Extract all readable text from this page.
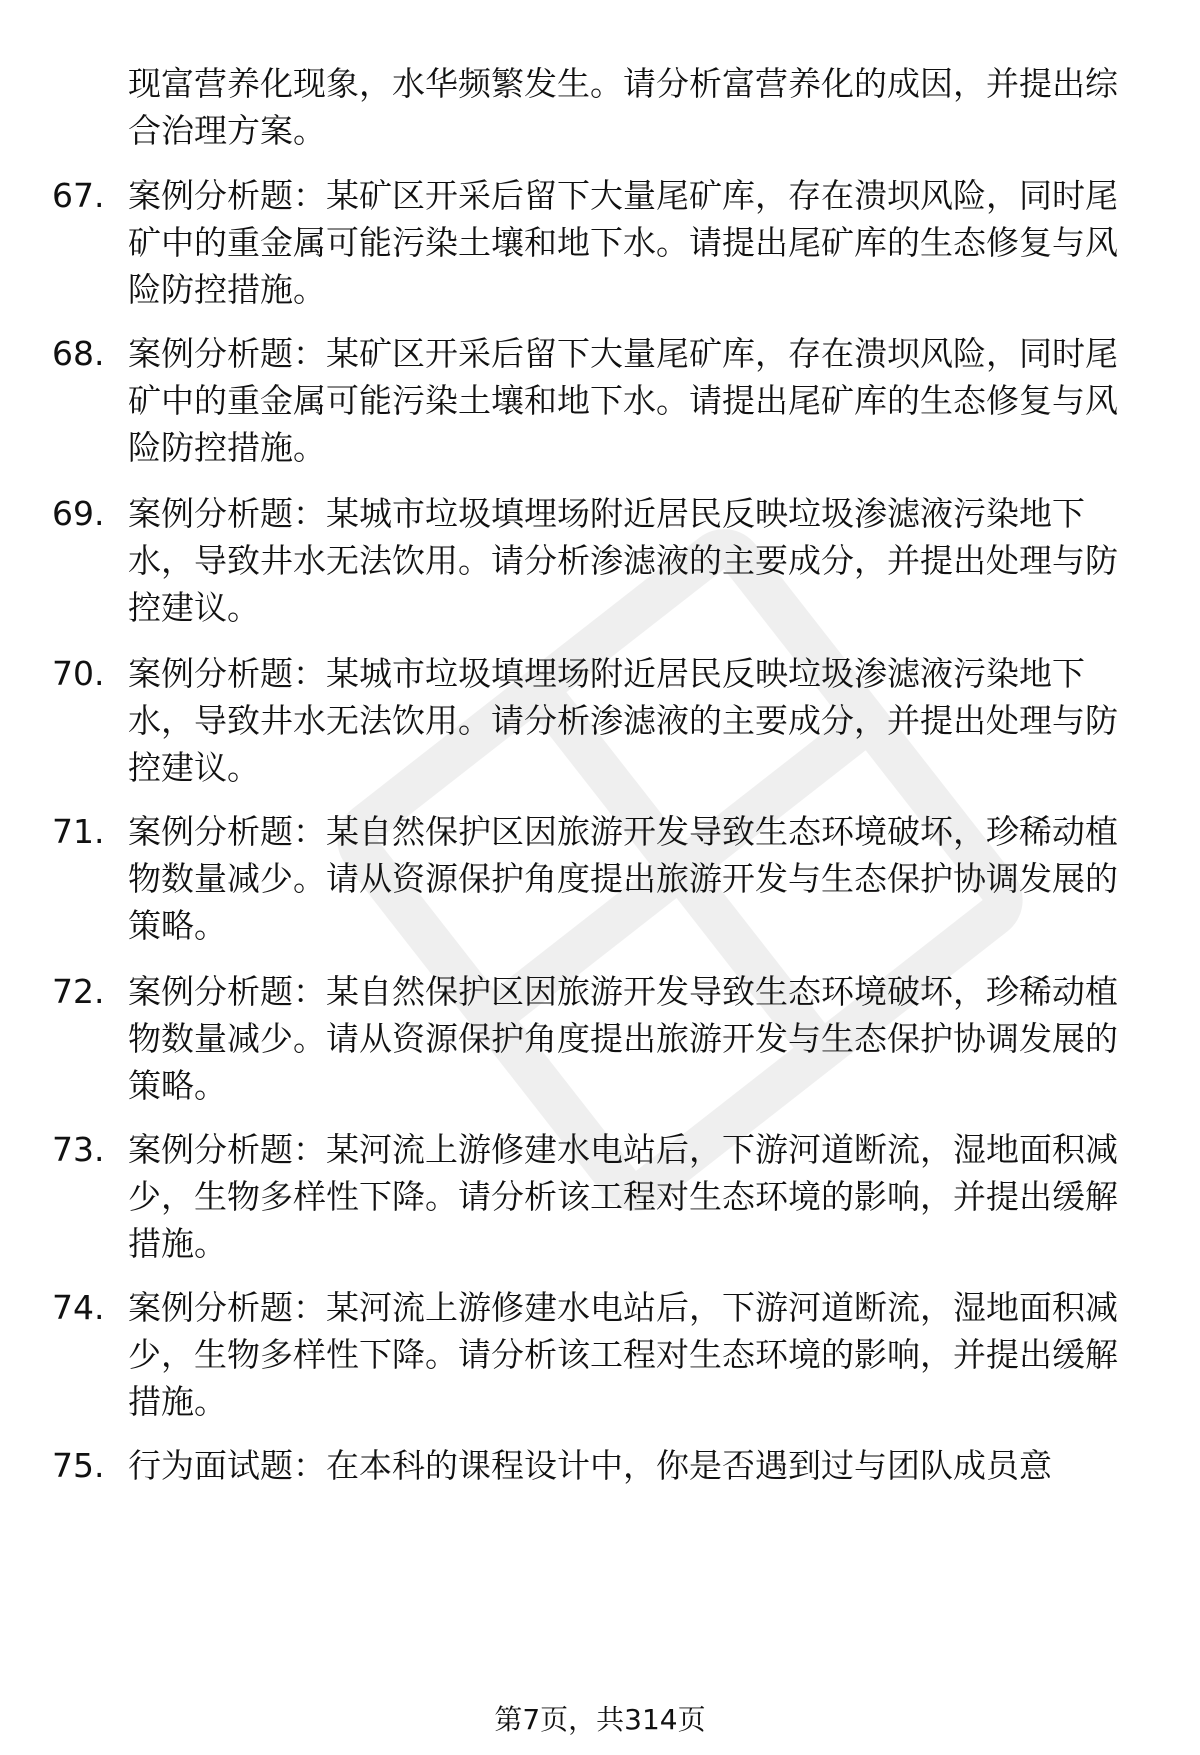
现富营养化现象，水华频繁发生。请分析富营养化的成因，并提出综合治理方案。
67. 案例分析题：某矿区开采后留下大量尾矿库，存在溃坝风险，同时尾矿中的重金属可能污染土壤和地下水。请提出尾矿库的生态修复与风险防控措施。
68. 案例分析题：某矿区开采后留下大量尾矿库，存在溃坝风险，同时尾矿中的重金属可能污染土壤和地下水。请提出尾矿库的生态修复与风险防控措施。
69. 案例分析题：某城市垃圾填埋场附近居民反映垃圾渗滤液污染地下水，导致井水无法饮用。请分析渗滤液的主要成分，并提出处理与防控建议。
70. 案例分析题：某城市垃圾填埋场附近居民反映垃圾渗滤液污染地下水，导致井水无法饮用。请分析渗滤液的主要成分，并提出处理与防控建议。
71. 案例分析题：某自然保护区因旅游开发导致生态环境破坏，珍稀动植物数量减少。请从资源保护角度提出旅游开发与生态保护协调发展的策略。
72. 案例分析题：某自然保护区因旅游开发导致生态环境破坏，珍稀动植物数量减少。请从资源保护角度提出旅游开发与生态保护协调发展的策略。
73. 案例分析题：某河流上游修建水电站后，下游河道断流，湿地面积减少，生物多样性下降。请分析该工程对生态环境的影响，并提出缓解措施。
74. 案例分析题：某河流上游修建水电站后，下游河道断流，湿地面积减少，生物多样性下降。请分析该工程对生态环境的影响，并提出缓解措施。
75. 行为面试题：在本科的课程设计中，你是否遇到过与团队成员意
第7页，共314页
